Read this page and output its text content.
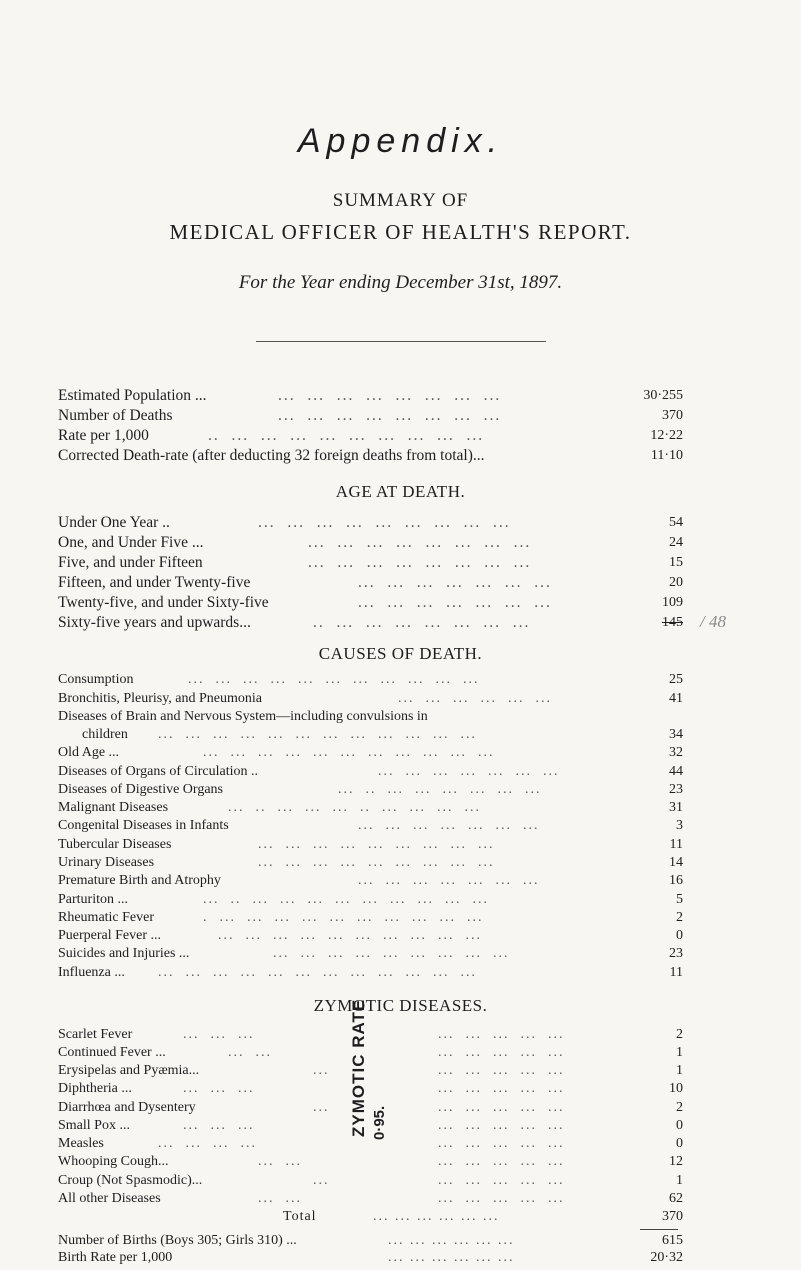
Appendix.
SUMMARY OF
MEDICAL OFFICER OF HEALTH'S REPORT.
For the Year ending December 31st, 1897.
Estimated Population ...	...  ...  ...  ...  ...  ...  ...  ...	30·255
Number of Deaths	...  ...  ...  ...  ...  ...  ...  ...	370
Rate per 1,000	..  ...  ...  ...  ...  ...  ...  ...  ...  ...	12·22
Corrected Death-rate (after deducting 32 foreign deaths from total)...	11·10
AGE AT DEATH.
Under One Year ..	...  ...  ...  ...  ...  ...  ...  ...  ...	54
One, and Under Five ...	...  ...  ...  ...  ...  ...  ...  ...	24
Five, and under Fifteen	...  ...  ...  ...  ...  ...  ...  ...	15
Fifteen, and under Twenty-five	...  ...  ...  ...  ...  ...  ...	20
Twenty-five, and under Sixty-five	...  ...  ...  ...  ...  ...  ...	109
Sixty-five years and upwards...	..  ...  ...  ...  ...  ...  ...  ...	145 / 48
CAUSES OF DEATH.
Consumption	...  ...  ...  ...  ...  ...  ...  ...  ...  ...  ...	25
Bronchitis, Pleurisy, and Pneumonia	...  ...  ...  ...  ...  ...	41
Diseases of Brain and Nervous System—including convulsions in
children ...  ...  ...  ...  ...  ...  ...  ...  ...  ...  ...  ...	34
Old Age ...	...  ...  ...  ...  ...  ...  ...  ...  ...  ...  ...	32
Diseases of Organs of Circulation ..	...  ...  ...  ...  ...  ...  ...	44
Diseases of Digestive Organs	...  ..  ...  ...  ...  ...  ...  ...	23
Malignant Diseases	...  ..  ...  ...  ...  ..  ...  ...  ...  ...	31
Congenital Diseases in Infants	...  ...  ...  ...  ...  ...  ...	3
Tubercular Diseases	...  ...  ...  ...  ...  ...  ...  ...  ...	11
Urinary Diseases	...  ...  ...  ...  ...  ...  ...  ...  ...	14
Premature Birth and Atrophy	...  ...  ...  ...  ...  ...  ...	16
Parturiton ...	...  ..  ...  ...  ...  ...  ...  ...  ...  ...  ...	5
Rheumatic Fever	.  ...  ...  ...  ...  ...  ...  ...  ...  ...  ...	2
Puerperal Fever ...	...  ...  ...  ...  ...  ...  ...  ...  ...  ...	0
Suicides and Injuries ...	...  ...  ...  ...  ...  ...  ...  ...  ...	23
Influenza ... ...  ...  ...  ...  ...  ...  ...  ...  ...  ...  ...  ...	11
ZYMOTIC DISEASES.
ZYMOTIC RATE 0·95.
Scarlet Fever	...  ...  ...	...  ...  ...  ...  ...	2
Continued Fever ...	...  ...	...  ...  ...  ...  ...	1
Erysipelas and Pyæmia...	...	...  ...  ...  ...  ...	1
Diphtheria ...	...  ...  ...	...  ...  ...  ...  ...	10
Diarrhœa and Dysentery	...	...  ...  ...  ...  ...	2
Small Pox ...	...  ...  ...	...  ...  ...  ...  ...	0
Measles	...  ...  ...  ...	...  ...  ...  ...  ...	0
Whooping Cough...	...  ...	...  ...  ...  ...  ...	12
Croup (Not Spasmodic)...	...	...  ...  ...  ...  ...	1
All other Diseases	...  ...	...  ...  ...  ...  ...	62
Total	... ... ... ... ... ...	370
Number of Births (Boys 305; Girls 310) ...	... ... ... ... ... ...	615
Birth Rate per 1,000	... ... ... ... ... ...	20·32
